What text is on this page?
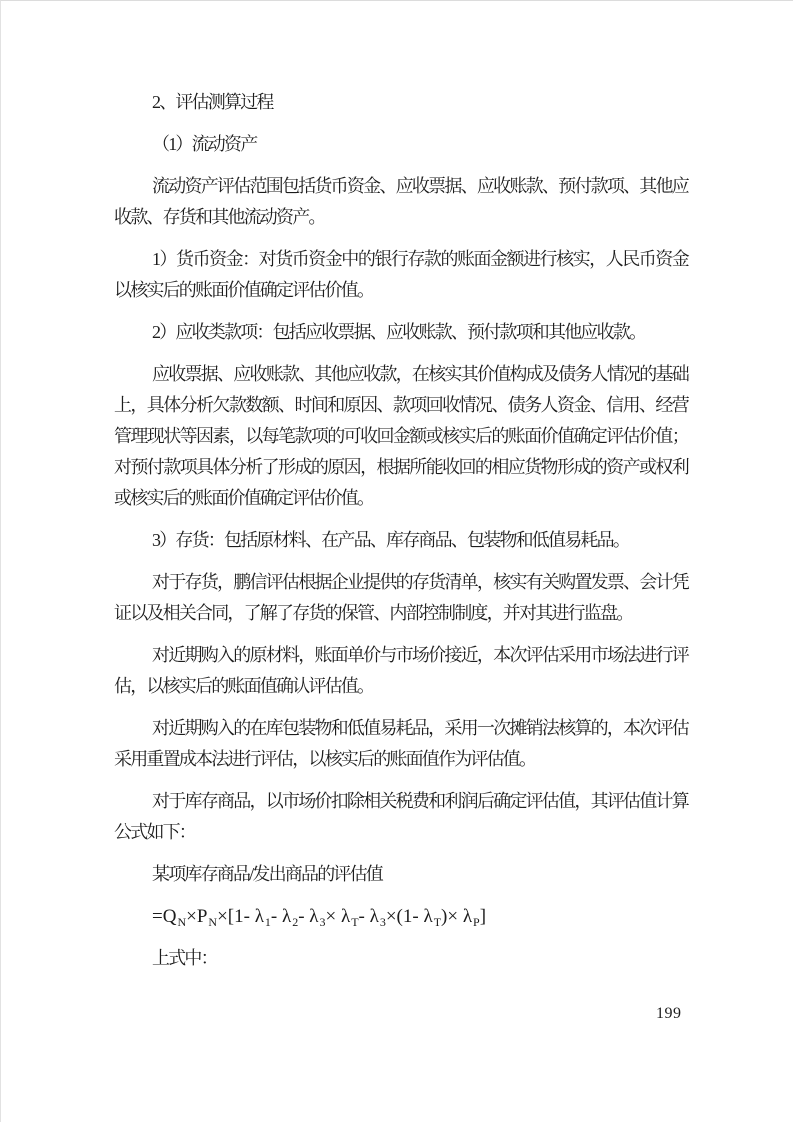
2、评估测算过程

（1）流动资产

流动资产评估范围包括货币资金、应收票据、应收账款、预付款项、其他应收款、存货和其他流动资产。

1）货币资金：对货币资金中的银行存款的账面金额进行核实，人民币资金以核实后的账面价值确定评估价值。

2）应收类款项：包括应收票据、应收账款、预付款项和其他应收款。

应收票据、应收账款、其他应收款，在核实其价值构成及债务人情况的基础上，具体分析欠款数额、时间和原因、款项回收情况、债务人资金、信用、经营管理现状等因素，以每笔款项的可收回金额或核实后的账面价值确定评估价值；对预付款项具体分析了形成的原因，根据所能收回的相应货物形成的资产或权利或核实后的账面价值确定评估价值。

3）存货：包括原材料、在产品、库存商品、包装物和低值易耗品。

对于存货，鹏信评估根据企业提供的存货清单，核实有关购置发票、会计凭证以及相关合同，了解了存货的保管、内部控制制度，并对其进行监盘。

对近期购入的原材料，账面单价与市场价接近，本次评估采用市场法进行评估，以核实后的账面值确认评估值。

对近期购入的在库包装物和低值易耗品，采用一次摊销法核算的，本次评估采用重置成本法进行评估，以核实后的账面值作为评估值。

对于库存商品，以市场价扣除相关税费和利润后确定评估值，其评估值计算公式如下：

某项库存商品/发出商品的评估值

$=Q_N\times P_N\times[1-$ $\lambda_1-$ $\lambda_2-$ $\lambda_3\times \lambda_T-$ $\lambda_3\times(1-$ $\lambda_T)\times \lambda_P$]

上式中：

199
